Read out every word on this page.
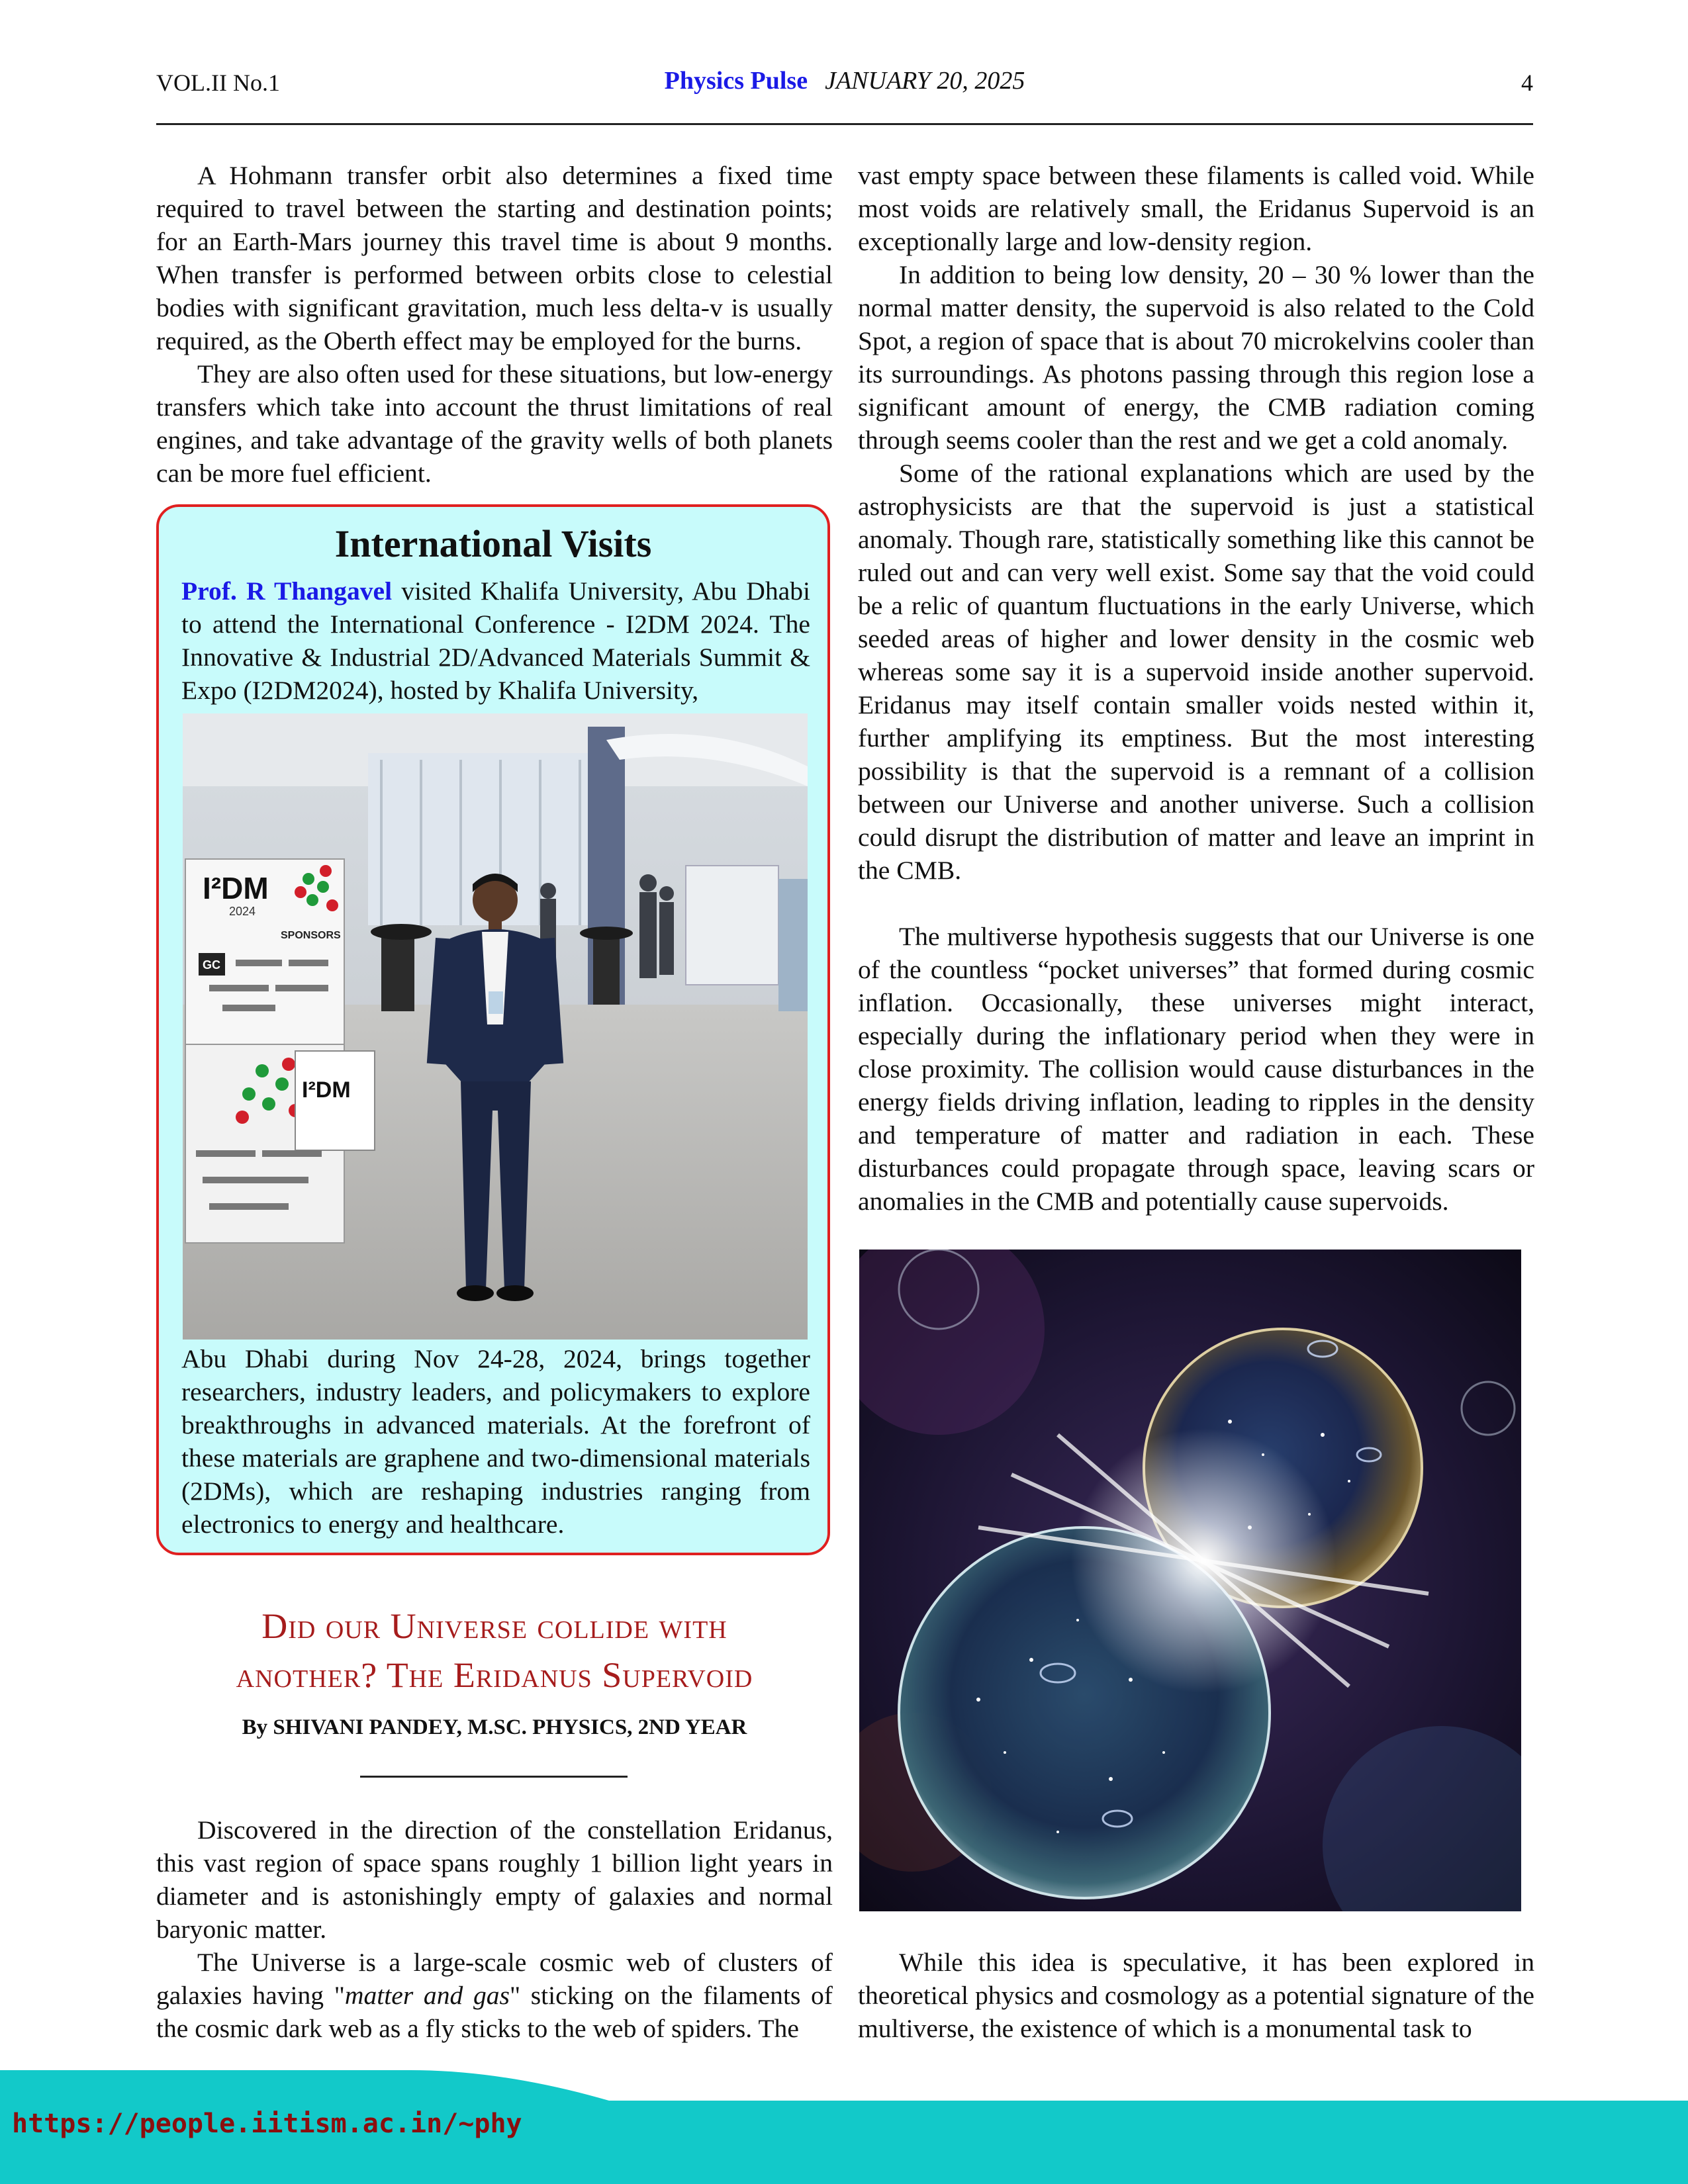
VOL.II No.1	Physics Pulse JANUARY 20, 2025	4

A Hohmann transfer orbit also determines a fixed time required to travel between the starting and destination points; for an Earth-Mars journey this travel time is about 9 months. When transfer is performed between orbits close to celestial bodies with significant gravitation, much less delta-v is usually required, as the Oberth effect may be employed for the burns.

They are also often used for these situations, but low-energy transfers which take into account the thrust limitations of real engines, and take advantage of the gravity wells of both planets can be more fuel efficient.

International Visits

Prof. R Thangavel visited Khalifa University, Abu Dhabi to attend the International Conference - I2DM 2024. The Innovative & Industrial 2D/Advanced Materials Summit & Expo (I2DM2024), hosted by Khalifa University,

I²DM
2024
SPONSORS
GC
I²DM

Abu Dhabi during Nov 24-28, 2024, brings together researchers, industry leaders, and policymakers to explore breakthroughs in advanced materials. At the forefront of these materials are graphene and two-dimensional materials (2DMs), which are reshaping industries ranging from electronics to energy and healthcare.

Did our Universe collide with
another? The Eridanus Supervoid
By SHIVANI PANDEY, M.SC. PHYSICS, 2ND YEAR

Discovered in the direction of the constellation Eridanus, this vast region of space spans roughly 1 billion light years in diameter and is astonishingly empty of galaxies and normal baryonic matter.

The Universe is a large-scale cosmic web of clusters of galaxies having "matter and gas" sticking on the filaments of the cosmic dark web as a fly sticks to the web of spiders. The

vast empty space between these filaments is called void. While most voids are relatively small, the Eridanus Supervoid is an exceptionally large and low-density region.

In addition to being low density, 20 – 30 % lower than the normal matter density, the supervoid is also related to the Cold Spot, a region of space that is about 70 microkelvins cooler than its surroundings. As photons passing through this region lose a significant amount of energy, the CMB radiation coming through seems cooler than the rest and we get a cold anomaly.

Some of the rational explanations which are used by the astrophysicists are that the supervoid is just a statistical anomaly. Though rare, statistically something like this cannot be ruled out and can very well exist. Some say that the void could be a relic of quantum fluctuations in the early Universe, which seeded areas of higher and lower density in the cosmic web whereas some say it is a supervoid inside another supervoid. Eridanus may itself contain smaller voids nested within it, further amplifying its emptiness. But the most interesting possibility is that the supervoid is a remnant of a collision between our Universe and another universe. Such a collision could disrupt the distribution of matter and leave an imprint in the CMB.

The multiverse hypothesis suggests that our Universe is one of the countless “pocket universes” that formed during cosmic inflation. Occasionally, these universes might interact, especially during the inflationary period when they were in close proximity. The collision would cause disturbances in the energy fields driving inflation, leading to ripples in the density and temperature of matter and radiation in each. These disturbances could propagate through space, leaving scars or anomalies in the CMB and potentially cause supervoids.

While this idea is speculative, it has been explored in theoretical physics and cosmology as a potential signature of the multiverse, the existence of which is a monumental task to

https://people.iitism.ac.in/~phy
